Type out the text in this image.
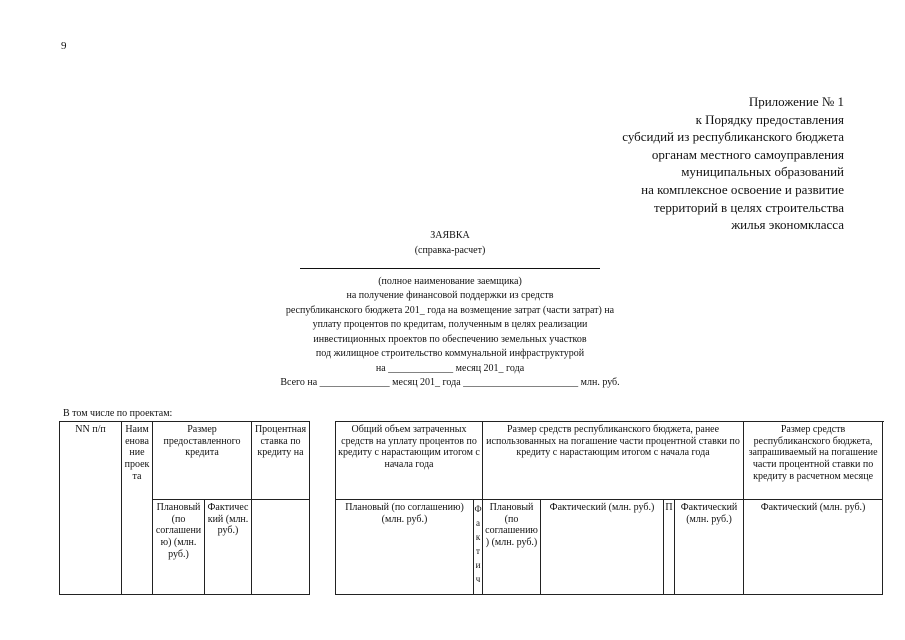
9
Приложение № 1
к Порядку предоставления
субсидий из республиканского бюджета
органам местного самоуправления
муниципальных образований
на комплексное освоение и развитие
территорий в целях строительства
жилья экономкласса
ЗАЯВКА
(справка-расчет)
(полное наименование заемщика)
на получение финансовой поддержки из средств
республиканского бюджета 201_ года на возмещение затрат (части затрат) на
уплату процентов по кредитам, полученным в целях реализации
инвестиционных проектов по обеспечению земельных участков
под жилищное строительство коммунальной инфраструктурой
на _____________ месяц 201_ года
Всего на ______________ месяц 201_ года _______________________ млн. руб.
В том числе по проектам:
NN п/п	Наименование проекта	Размер предоставленного кредита		Процентная ставка по кредиту на		Общий объем затраченных средств на уплату процентов по кредиту с нарастающим итогом с начала года		Размер средств республиканского бюджета, ранее использованных на погашение части процентной ставки по кредиту с нарастающим итогом с начала года				Размер средств республиканского бюджета, запрашиваемый на погашение части процентной ставки по кредиту в расчетном месяце
		Плановый (по соглашению) (млн. руб.)	Фактический (млн. руб.)			Плановый (по соглашению) (млн. руб.)	Фактич	Плановый (по соглашению) (млн. руб.)	Фактический (млн. руб.)	П	Фактический (млн. руб.)	Фактический (млн. руб.)
